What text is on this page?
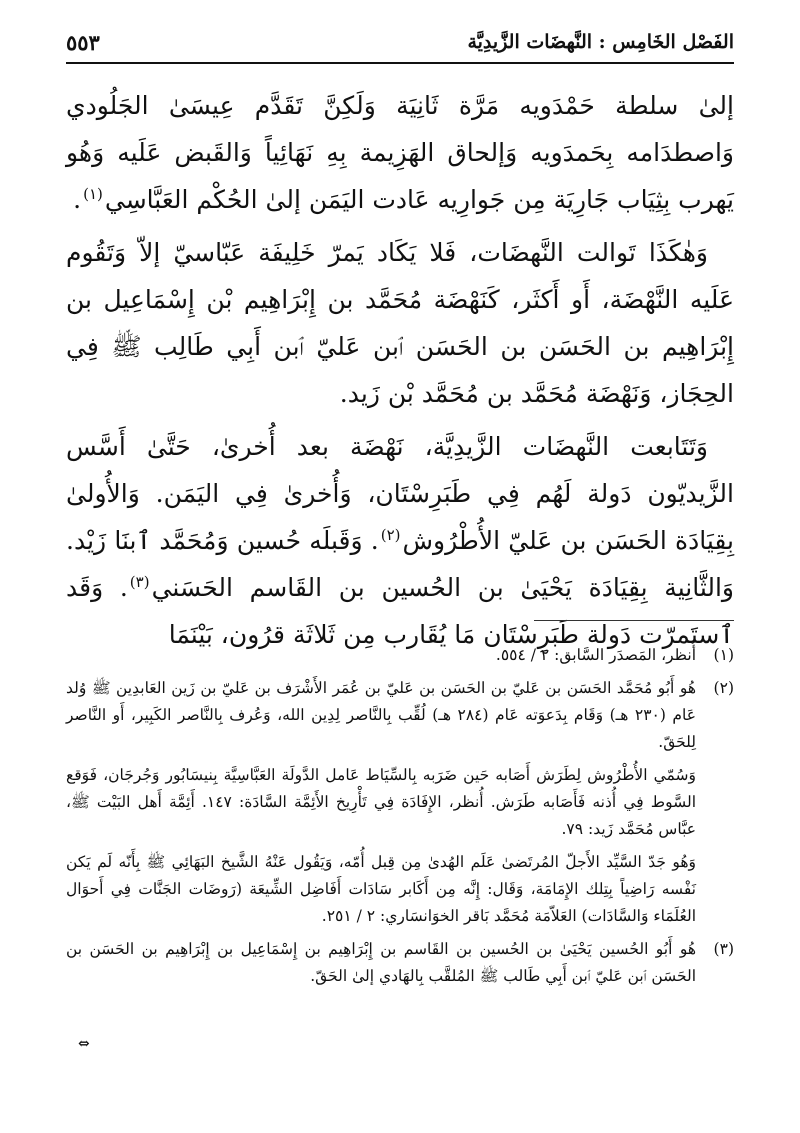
الفَصْل الخَامِس : النَّهضَات الزَّيدِيَّة
٥٥٣

إلىٰ سلطة حَمْدَويه مَرَّة ثَانِيَة وَلَكِنَّ تَقَدَّم عِيسَىٰ الجَلُودي وَاصطدَامه بِحَمدَويه وَإلحاق الهَزِيمة بِهِ نَهَائِياً وَالقَبض عَلَيه وَهُو يَهرب بِثِيَاب جَارِيَة مِن جَوارِيه عَادت اليَمَن إلىٰ الحُكْم العَبَّاسِي$^{(١)}$.

وَهٰكَذَا تَوالت النَّهضَات، فَلا يَكَاد يَمرّ خَلِيفَة عَبّاسيّ إلاّ وَتَقُوم عَلَيه النَّهْضَة، أَو أَكثَر، كَنَهْضَة مُحَمَّد بن إِبْرَاهِيم بْن إِسْمَاعِيل بن إِبْرَاهِيم بن الحَسَن بن الحَسَن ٱبن عَليّ ٱبن أَبِي طَالِب ﷺ فِي الحِجَاز، وَنَهْضَة مُحَمَّد بن مُحَمَّد بْن زَيد.

وَتَتَابعت النَّهضَات الزَّيدِيَّة، نَهْضَة بعد أُخرىٰ، حَتَّىٰ أَسَّس الزَّيديّون دَولة لَهُم فِي طَبَرِسْتَان، وَأُخرىٰ فِي اليَمَن. وَالأُولىٰ بِقِيَادَة الحَسَن بن عَليّ الأُطْرُوش$^{(٢)}$. وَقَبلَه حُسين وَمُحَمَّد ٱبنَا زَيْد. وَالثَّانِية بِقِيَادَة يَحْيَىٰ بن الحُسين بن القَاسم الحَسَني$^{(٣)}$. وَقَد ٱستَمرّت دَولة طَبَرِسْتَان مَا يُقَارب مِن ثَلاثَة قرُون، بَيْنَمَا

(١)
أُنظر، المَصدَر السَّابق: ٢ / ٥٥٤.
(٢)
هُو أَبُو مُحَمَّد الحَسَن بن عَليّ بن الحَسَن بن عَليّ بن عُمَر الأَشْرَف بن عَليّ بن زَين العَابدِين ﷺ وُلد عَام (٢٣٠ هـ) وَقَام بِدَعوَته عَام (٢٨٤ هـ) لُقِّب بِالنَّاصر لِدِين الله، وَعُرف بِالنَّاصر الكَبِير، أَو النَّاصر لِلحَقّ.
وَسُمّي الأُطْرُوش لِطَرَش أَصَابه حَين ضَرَبه بِالسِّيَاط عَامل الدَّولَة العَبَّاسِيَّة بِنيسَابُور وَجُرجَان، فَوَقع السَّوط فِي أُذنه فَأَصَابه طَرَش. أُنظر، الإِفَادَة فِي تَأْرِيخ الأَئِمَّة السَّادَة: ١٤٧. أَئِمَّة أَهل البَيْت ﷺ، عبَّاس مُحَمَّد زَيد: ٧٩.
وَهُو جَدّ السَّيِّد الأَجلّ المُرتَضىٰ عَلَم الهُدىٰ مِن قِبل أُمّه، وَيَقُول عَنْهُ الشَّيخ البَهَائِي ﷺ بِأَنّه لَم يَكن نَفْسه رَاضِياً بِتِلك الإِمَامَة، وَقَال: إِنَّه مِن أَكَابر سَادَات أَفَاضِل الشِّيعَة (رَوضَات الجَنَّات فِي أَحوَال العُلَمَاء وَالسَّادَات) العَلاّمَة مُحَمَّد بَاقر الخوَانسَاري: ٢ / ٢٥١.
(٣)
هُو أَبُو الحُسين يَحْيَىٰ بن الحُسين بن القَاسم بن إِبْرَاهِيم بن إِسْمَاعِيل بن إِبْرَاهِيم بن الحَسَن بن الحَسَن ٱبن عَليّ ٱبن أَبِي طَالب ﷺ المُلقَّب بِالهَادي إلىٰ الحَقّ.
⇔
